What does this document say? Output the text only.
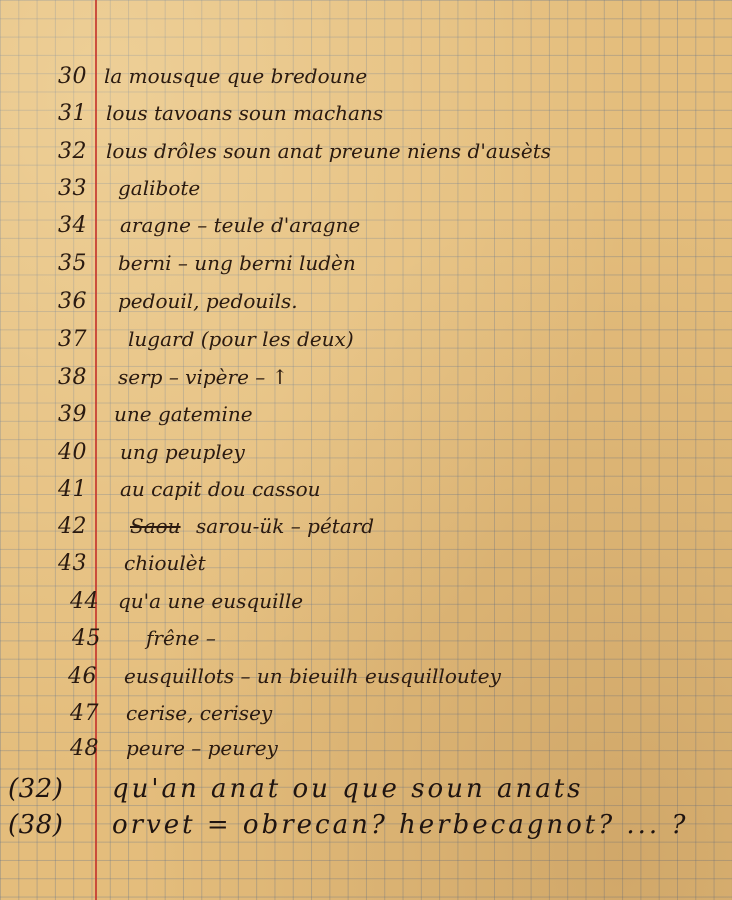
30 la mousque que bredoune
31 lous tavoans soun machans
32 lous drôles soun anat preune niens d'ausèts
33	galibote
34	aragne – teule d'aragne
35	berni – ung berni ludèn
36	pedouil, pedouils.
37	lugard (pour les deux)
38	serp – vipère – ↑
39	une gatemine
40	ung peupley
41	au capit dou cassou
42	Saou sarou-ük – pétard
43	chioulèt
44 qu'a une eusquille
45	frêne –
46	eusquillots – un bieuilh eusquilloutey
47	cerise, cerisey
48	peure – peurey
(32)	qu'an anat ou que soun anats
(38)	orvet = obrecan? herbecagnot? ... ?
